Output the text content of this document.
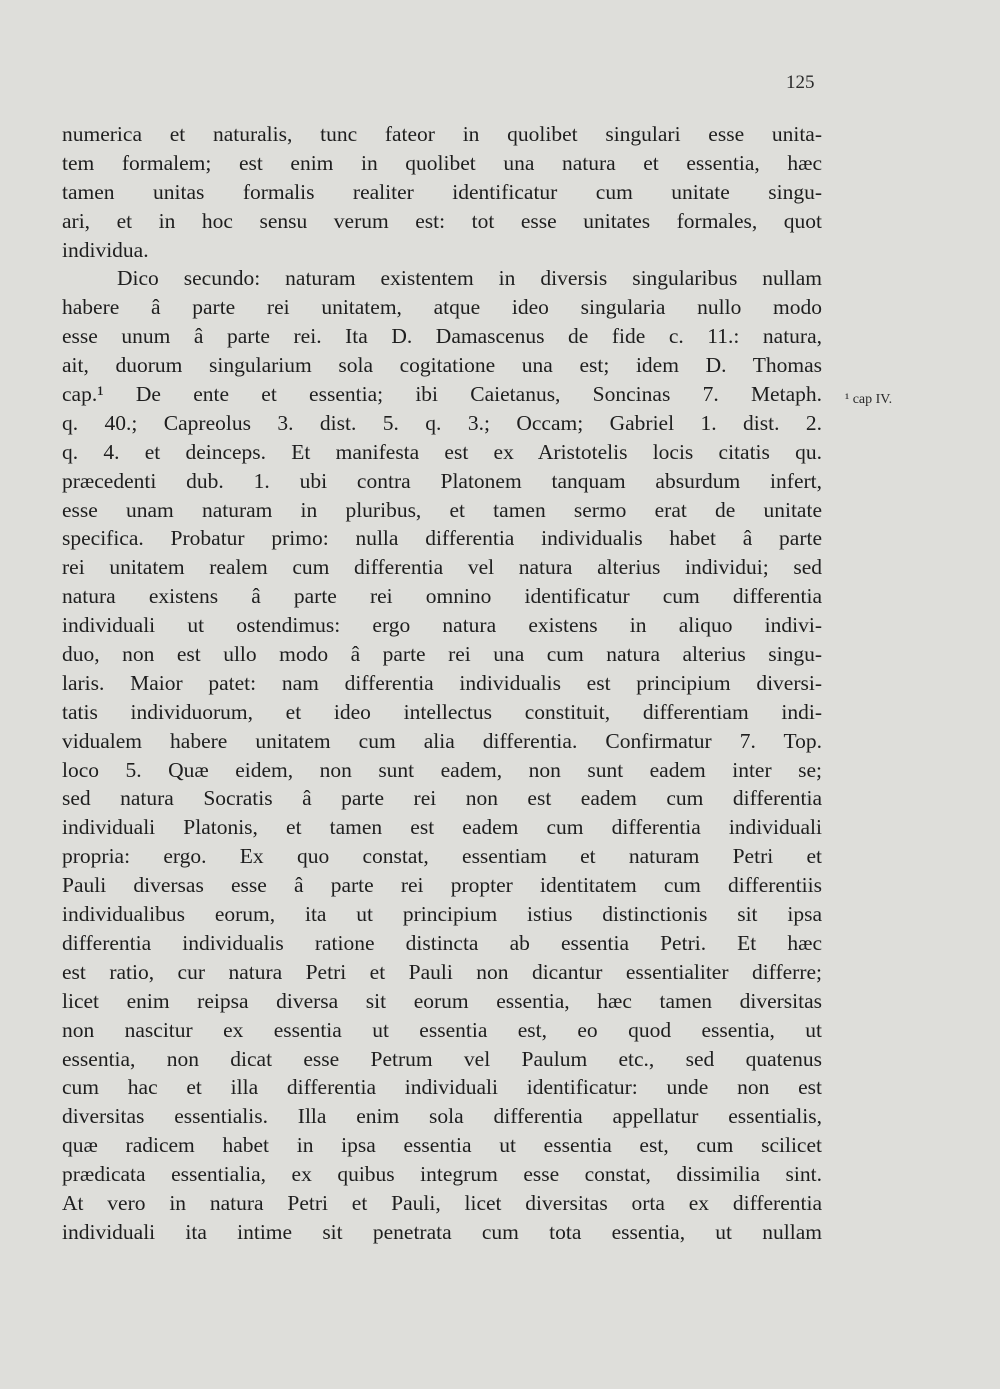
125
¹ cap IV.
numerica et naturalis, tunc fateor in quolibet singulari esse unita-
tem formalem; est enim in quolibet una natura et essentia, hæc
tamen unitas formalis realiter identificatur cum unitate singu-
ari, et in hoc sensu verum est: tot esse unitates formales, quot
individua.
Dico secundo: naturam existentem in diversis singularibus nullam
habere â parte rei unitatem, atque ideo singularia nullo modo
esse unum â parte rei. Ita D. Damascenus de fide c. 11.: natura,
ait, duorum singularium sola cogitatione una est; idem D. Thomas
cap.¹ De ente et essentia; ibi Caietanus, Soncinas 7. Metaph.
q. 40.; Capreolus 3. dist. 5. q. 3.; Occam; Gabriel 1. dist. 2.
q. 4. et deinceps. Et manifesta est ex Aristotelis locis citatis qu.
præcedenti dub. 1. ubi contra Platonem tanquam absurdum infert,
esse unam naturam in pluribus, et tamen sermo erat de unitate
specifica. Probatur primo: nulla differentia individualis habet â parte
rei unitatem realem cum differentia vel natura alterius individui; sed
natura existens â parte rei omnino identificatur cum differentia
individuali ut ostendimus: ergo natura existens in aliquo indivi-
duo, non est ullo modo â parte rei una cum natura alterius singu-
laris. Maior patet: nam differentia individualis est principium diversi-
tatis individuorum, et ideo intellectus constituit, differentiam indi-
vidualem habere unitatem cum alia differentia. Confirmatur 7. Top.
loco 5. Quæ eidem, non sunt eadem, non sunt eadem inter se;
sed natura Socratis â parte rei non est eadem cum differentia
individuali Platonis, et tamen est eadem cum differentia individuali
propria: ergo. Ex quo constat, essentiam et naturam Petri et
Pauli diversas esse â parte rei propter identitatem cum differentiis
individualibus eorum, ita ut principium istius distinctionis sit ipsa
differentia individualis ratione distincta ab essentia Petri. Et hæc
est ratio, cur natura Petri et Pauli non dicantur essentialiter differre;
licet enim reipsa diversa sit eorum essentia, hæc tamen diversitas
non nascitur ex essentia ut essentia est, eo quod essentia, ut
essentia, non dicat esse Petrum vel Paulum etc., sed quatenus
cum hac et illa differentia individuali identificatur: unde non est
diversitas essentialis. Illa enim sola differentia appellatur essentialis,
quæ radicem habet in ipsa essentia ut essentia est, cum scilicet
prædicata essentialia, ex quibus integrum esse constat, dissimilia sint.
At vero in natura Petri et Pauli, licet diversitas orta ex differentia
individuali ita intime sit penetrata cum tota essentia, ut nullam
